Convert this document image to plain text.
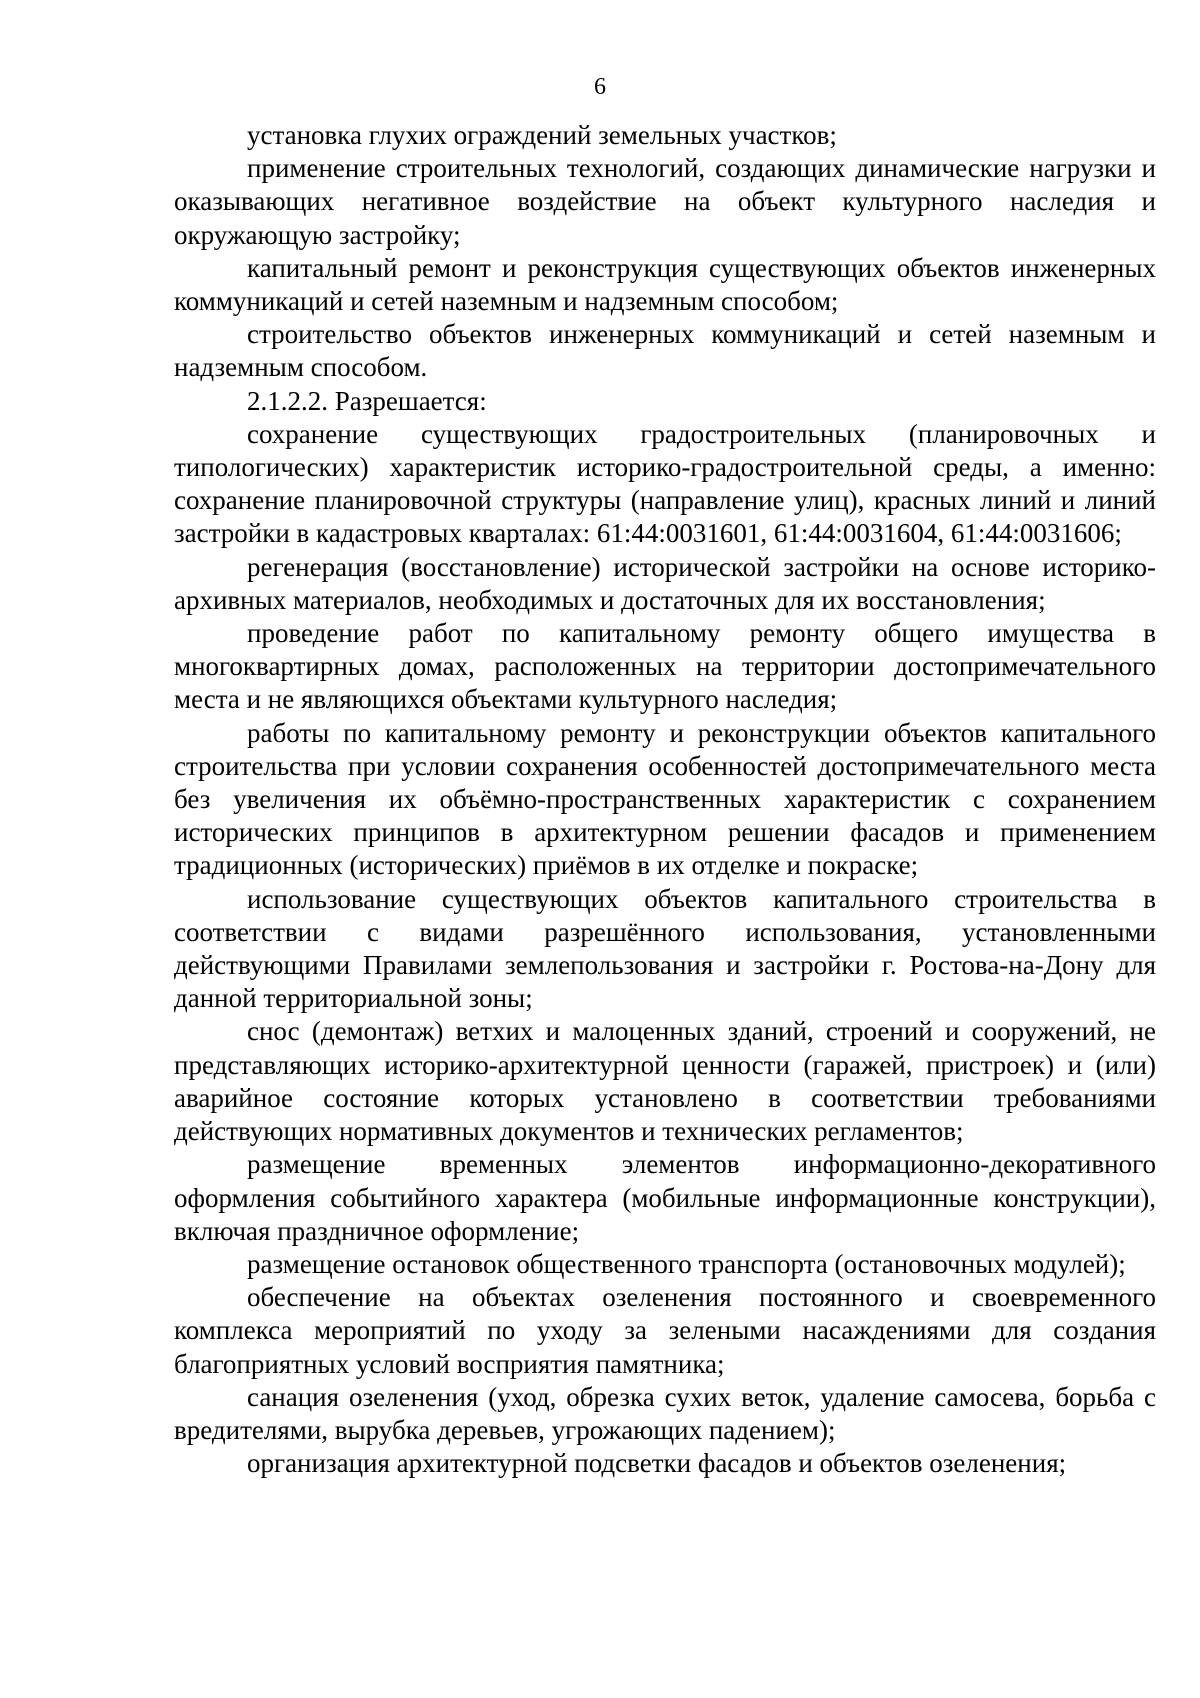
6

установка глухих ограждений земельных участков;

применение строительных технологий, создающих динамические нагрузки и оказывающих негативное воздействие на объект культурного наследия и окружающую застройку;

капитальный ремонт и реконструкция существующих объектов инженерных коммуникаций и сетей наземным и надземным способом;

строительство объектов инженерных коммуникаций и сетей наземным и надземным способом.

2.1.2.2. Разрешается:

сохранение существующих градостроительных (планировочных и типологических) характеристик историко-градостроительной среды, а именно: сохранение планировочной структуры (направление улиц), красных линий и линий застройки в кадастровых кварталах: 61:44:0031601, 61:44:0031604, 61:44:0031606;

регенерация (восстановление) исторической застройки на основе историко-архивных материалов, необходимых и достаточных для их восстановления;

проведение работ по капитальному ремонту общего имущества в многоквартирных домах, расположенных на территории достопримечательного места и не являющихся объектами культурного наследия;

работы по капитальному ремонту и реконструкции объектов капитального строительства при условии сохранения особенностей достопримечательного места без увеличения их объёмно-пространственных характеристик с сохранением исторических принципов в архитектурном решении фасадов и применением традиционных (исторических) приёмов в их отделке и покраске;

использование существующих объектов капитального строительства в соответствии с видами разрешённого использования, установленными действующими Правилами землепользования и застройки г. Ростова-на-Дону для данной территориальной зоны;

снос (демонтаж) ветхих и малоценных зданий, строений и сооружений, не представляющих историко-архитектурной ценности (гаражей, пристроек) и (или) аварийное состояние которых установлено в соответствии требованиями действующих нормативных документов и технических регламентов;

размещение временных элементов информационно-декоративного оформления событийного характера (мобильные информационные конструкции), включая праздничное оформление;

размещение остановок общественного транспорта (остановочных модулей);

обеспечение на объектах озеленения постоянного и своевременного комплекса мероприятий по уходу за зелеными насаждениями для создания благоприятных условий восприятия памятника;

санация озеленения (уход, обрезка сухих веток, удаление самосева, борьба с вредителями, вырубка деревьев, угрожающих падением);

организация архитектурной подсветки фасадов и объектов озеленения;
